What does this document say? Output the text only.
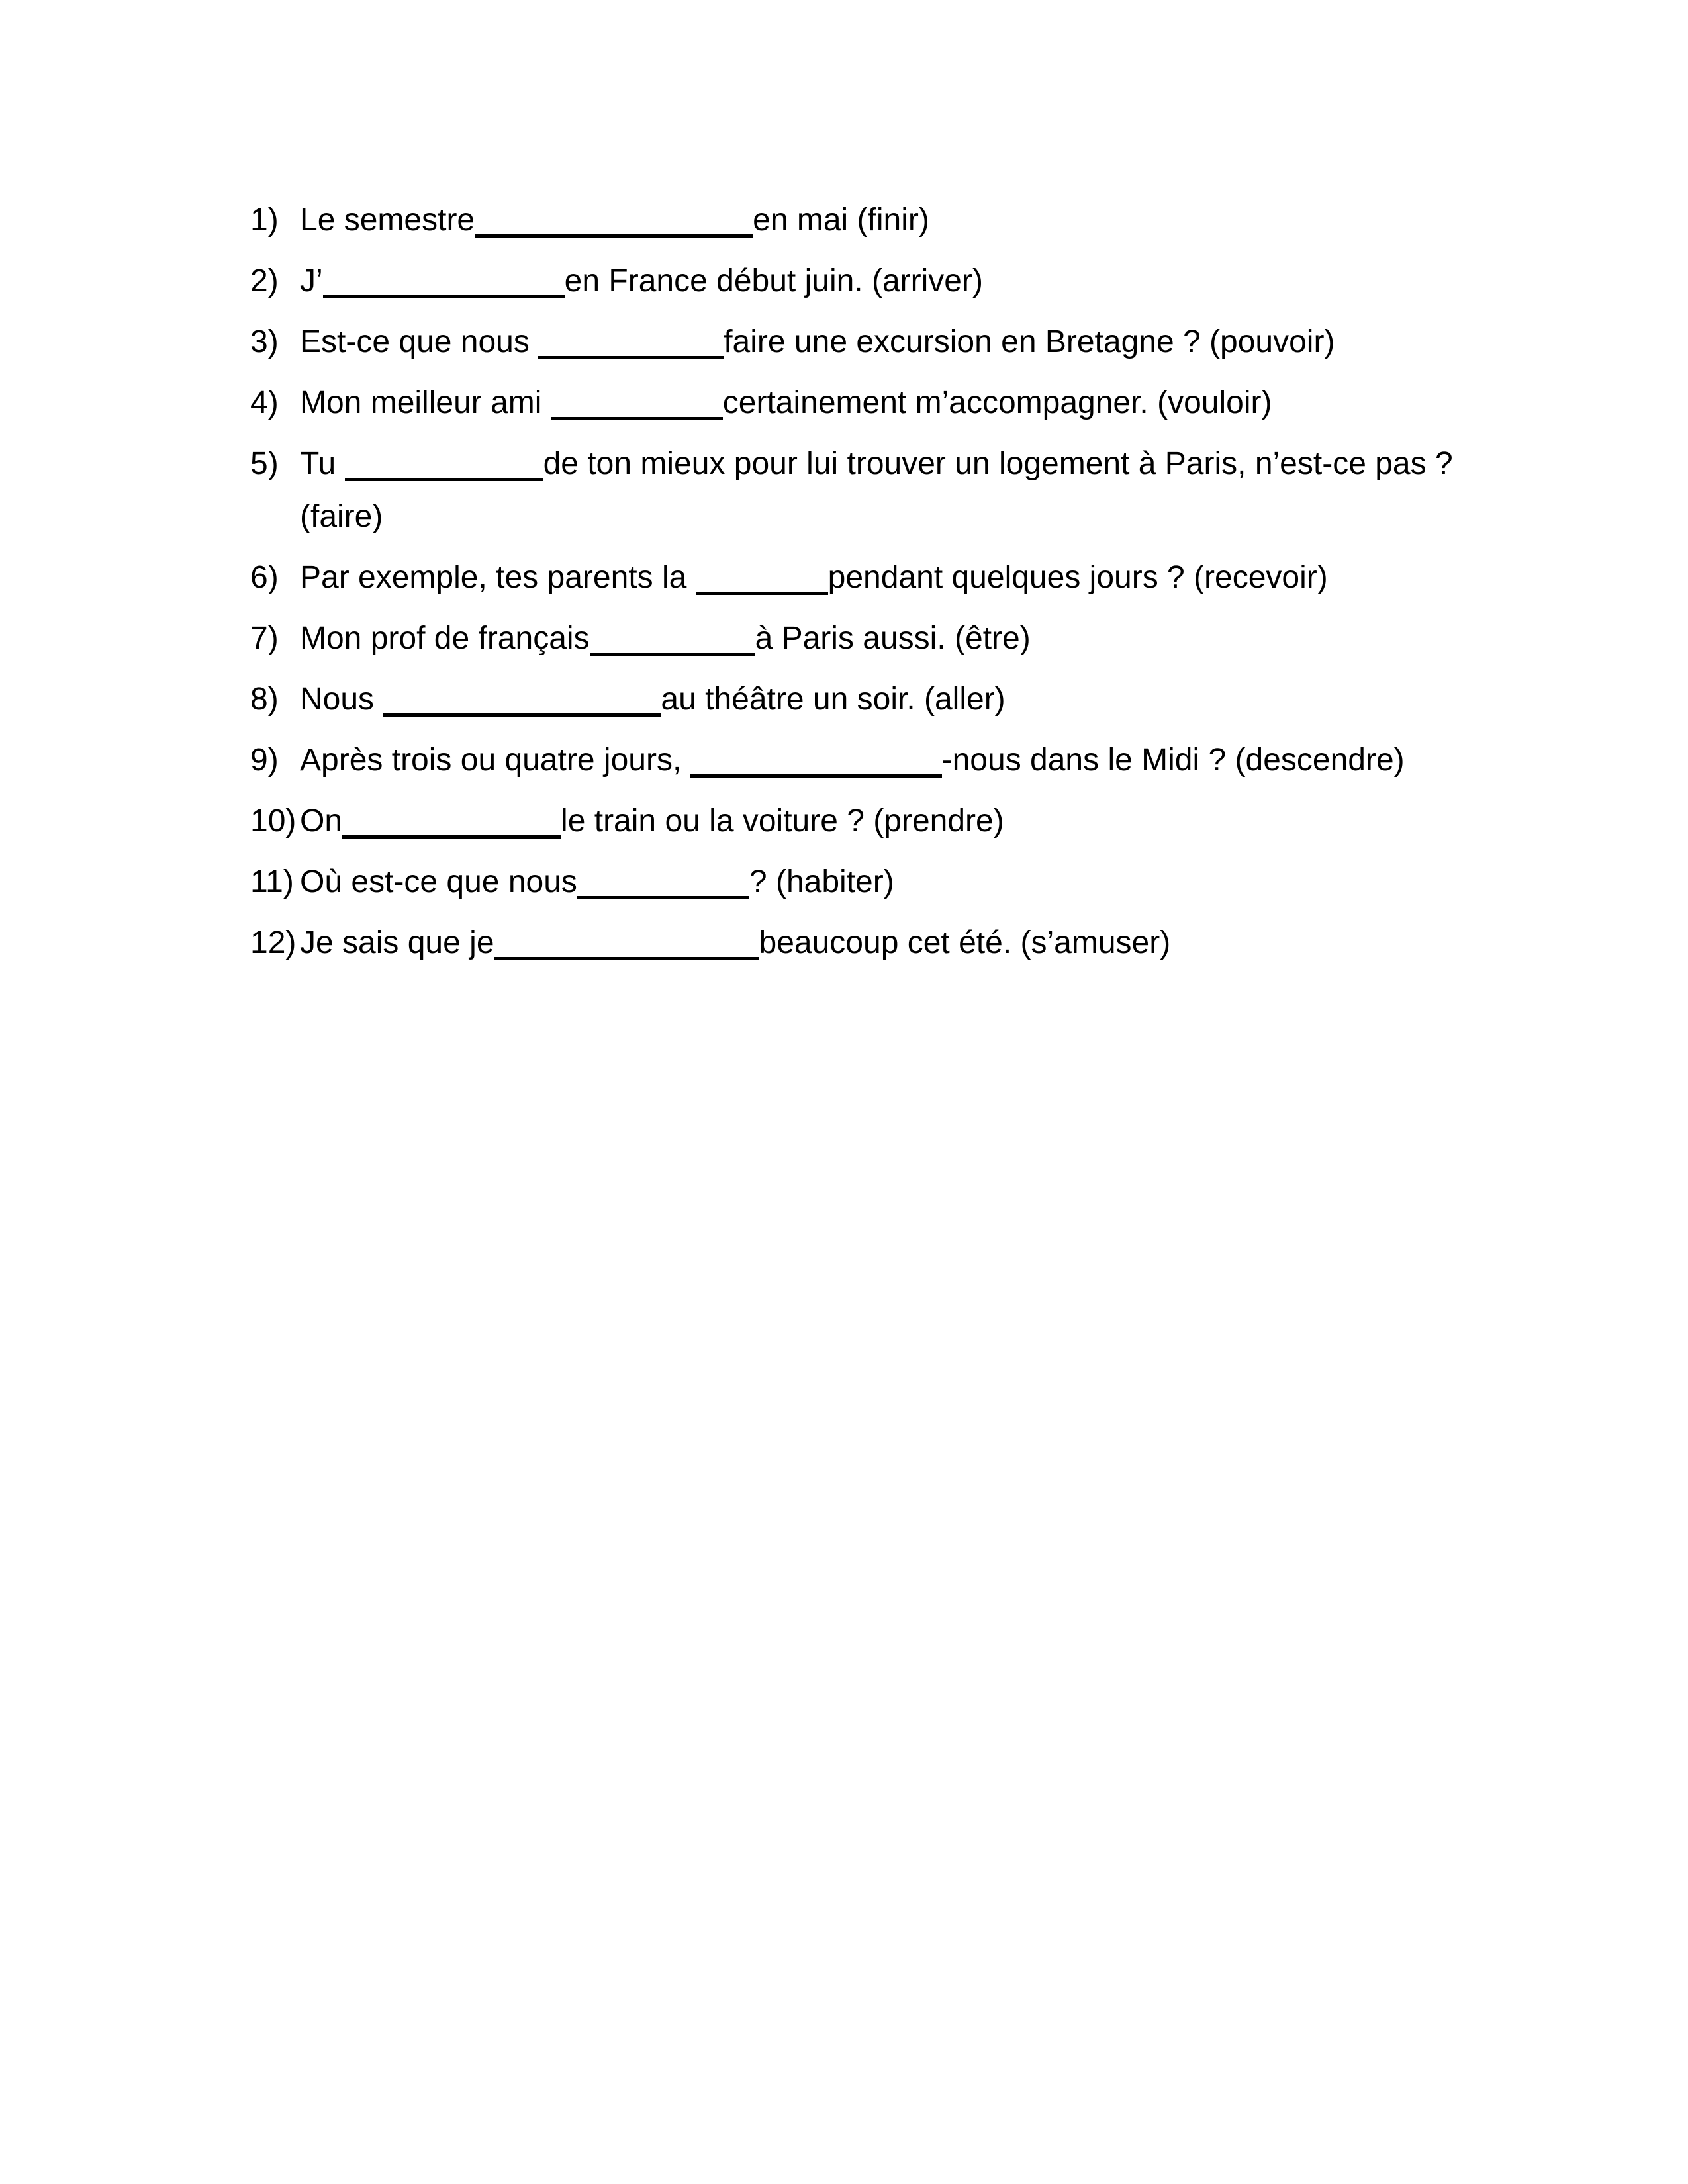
1) Le semestre	en mai (finir)
2) J’	en France début juin. (arriver)
3) Est-ce que nous	faire une excursion en Bretagne ? (pouvoir)
4) Mon meilleur ami	certainement m’accompagner. (vouloir)
5) Tu	de ton mieux pour lui trouver un logement à Paris, n’est-ce pas ?
(faire)
6) Par exemple, tes parents la	pendant quelques jours ? (recevoir)
7) Mon prof de français	à Paris aussi. (être)
8) Nous	au théâtre un soir. (aller)
9) Après trois ou quatre jours,	-nous dans le Midi ? (descendre)
10) On	le train ou la voiture ? (prendre)
11) Où est-ce que nous	? (habiter)
12) Je sais que je	beaucoup cet été. (s’amuser)
